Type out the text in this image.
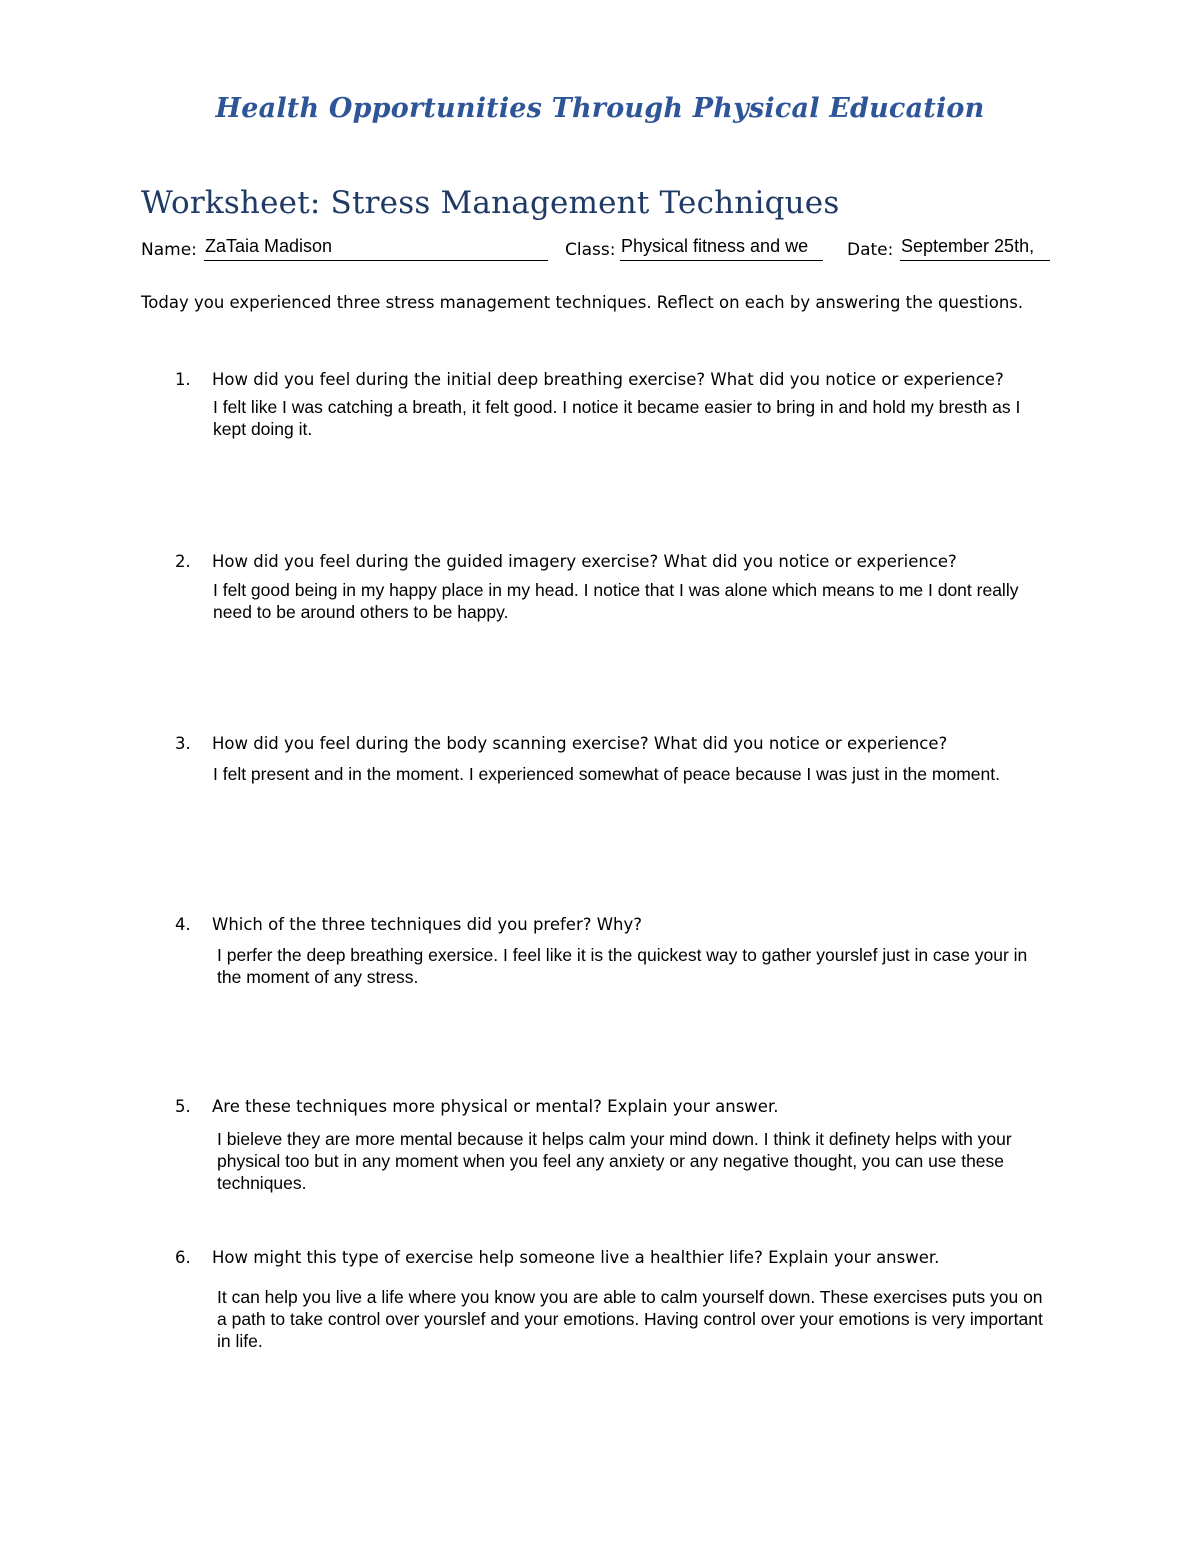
Health Opportunities Through Physical Education
Worksheet: Stress Management Techniques
Name: ZaTaia Madison	Class: Physical fitness and we	Date: September 25th,
Today you experienced three stress management techniques. Reflect on each by answering the questions.
1. How did you feel during the initial deep breathing exercise? What did you notice or experience?
I felt like I was catching a breath, it felt good. I notice it became easier to bring in and hold my bresth as I kept doing it.
2. How did you feel during the guided imagery exercise? What did you notice or experience?
I felt good being in my happy place in my head. I notice that I was alone which means to me I dont really need to be around others to be happy.
3. How did you feel during the body scanning exercise? What did you notice or experience?
I felt present and in the moment. I experienced somewhat of peace because I was just in the moment.
4. Which of the three techniques did you prefer? Why?
I perfer the deep breathing exersice. I feel like it is the quickest way to gather yourslef just in case your in the moment of any stress.
5. Are these techniques more physical or mental? Explain your answer.
I bieleve they are more mental because it helps calm your mind down. I think it definety helps with your physical too but in any moment when you feel any anxiety or any negative thought, you can use these techniques.
6. How might this type of exercise help someone live a healthier life? Explain your answer.
It can help you live a life where you know you are able to calm yourself down. These exercises puts you on a path to take control over yourslef and your emotions. Having control over your emotions is very important in life.
